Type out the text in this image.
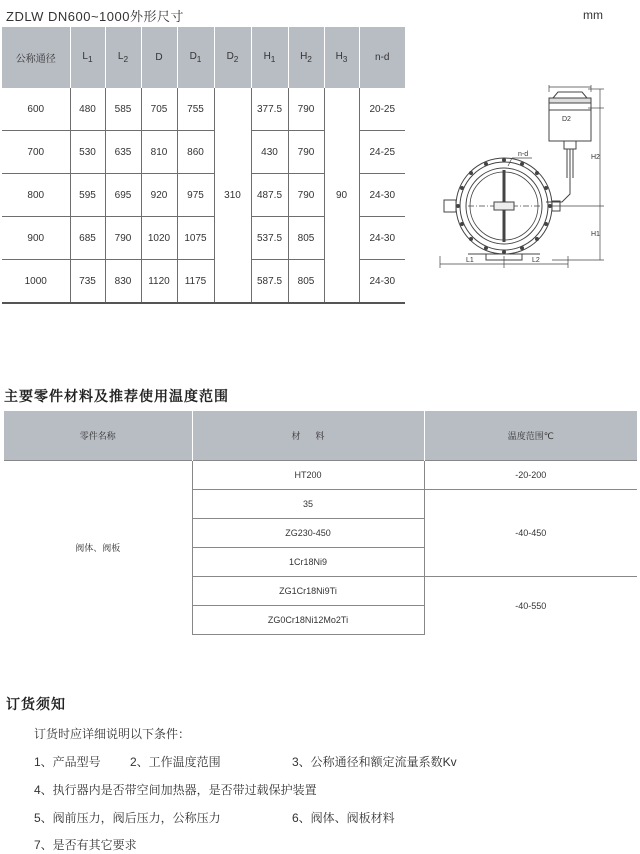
ZDLW DN600~1000外形尺寸	mm
公称通径	$L_1$	$L_2$	D	$D_1$	$D_2$	$H_1$	$H_2$	$H_3$	n-d
600	480	585	705	755	310	377.5	790	90	20-25
700	530	635	810	860		430	790		24-25
800	595	695	920	975		487.5	790		24-30
900	685	790	1020	1075		537.5	805		24-30
1000	735	830	1120	1175		587.5	805		24-30
D2
H2
H1
n-d
L1	L2
主要零件材料及推荐使用温度范围
零件名称	材      料	温度范围℃
阀体、阀板	HT200	-20-200
	35	-40-450
	ZG230-450	
	1Cr18Ni9	
	ZG1Cr18Ni9Ti	-40-550
	ZG0Cr18Ni12Mo2Ti	
订货须知
订货时应详细说明以下条件：
1、产品型号 2、工作温度范围	3、公称通径和额定流量系数Kv
4、执行器内是否带空间加热器，是否带过载保护装置
5、阀前压力，阀后压力，公称压力	6、阀体、阀板材料
7、是否有其它要求
